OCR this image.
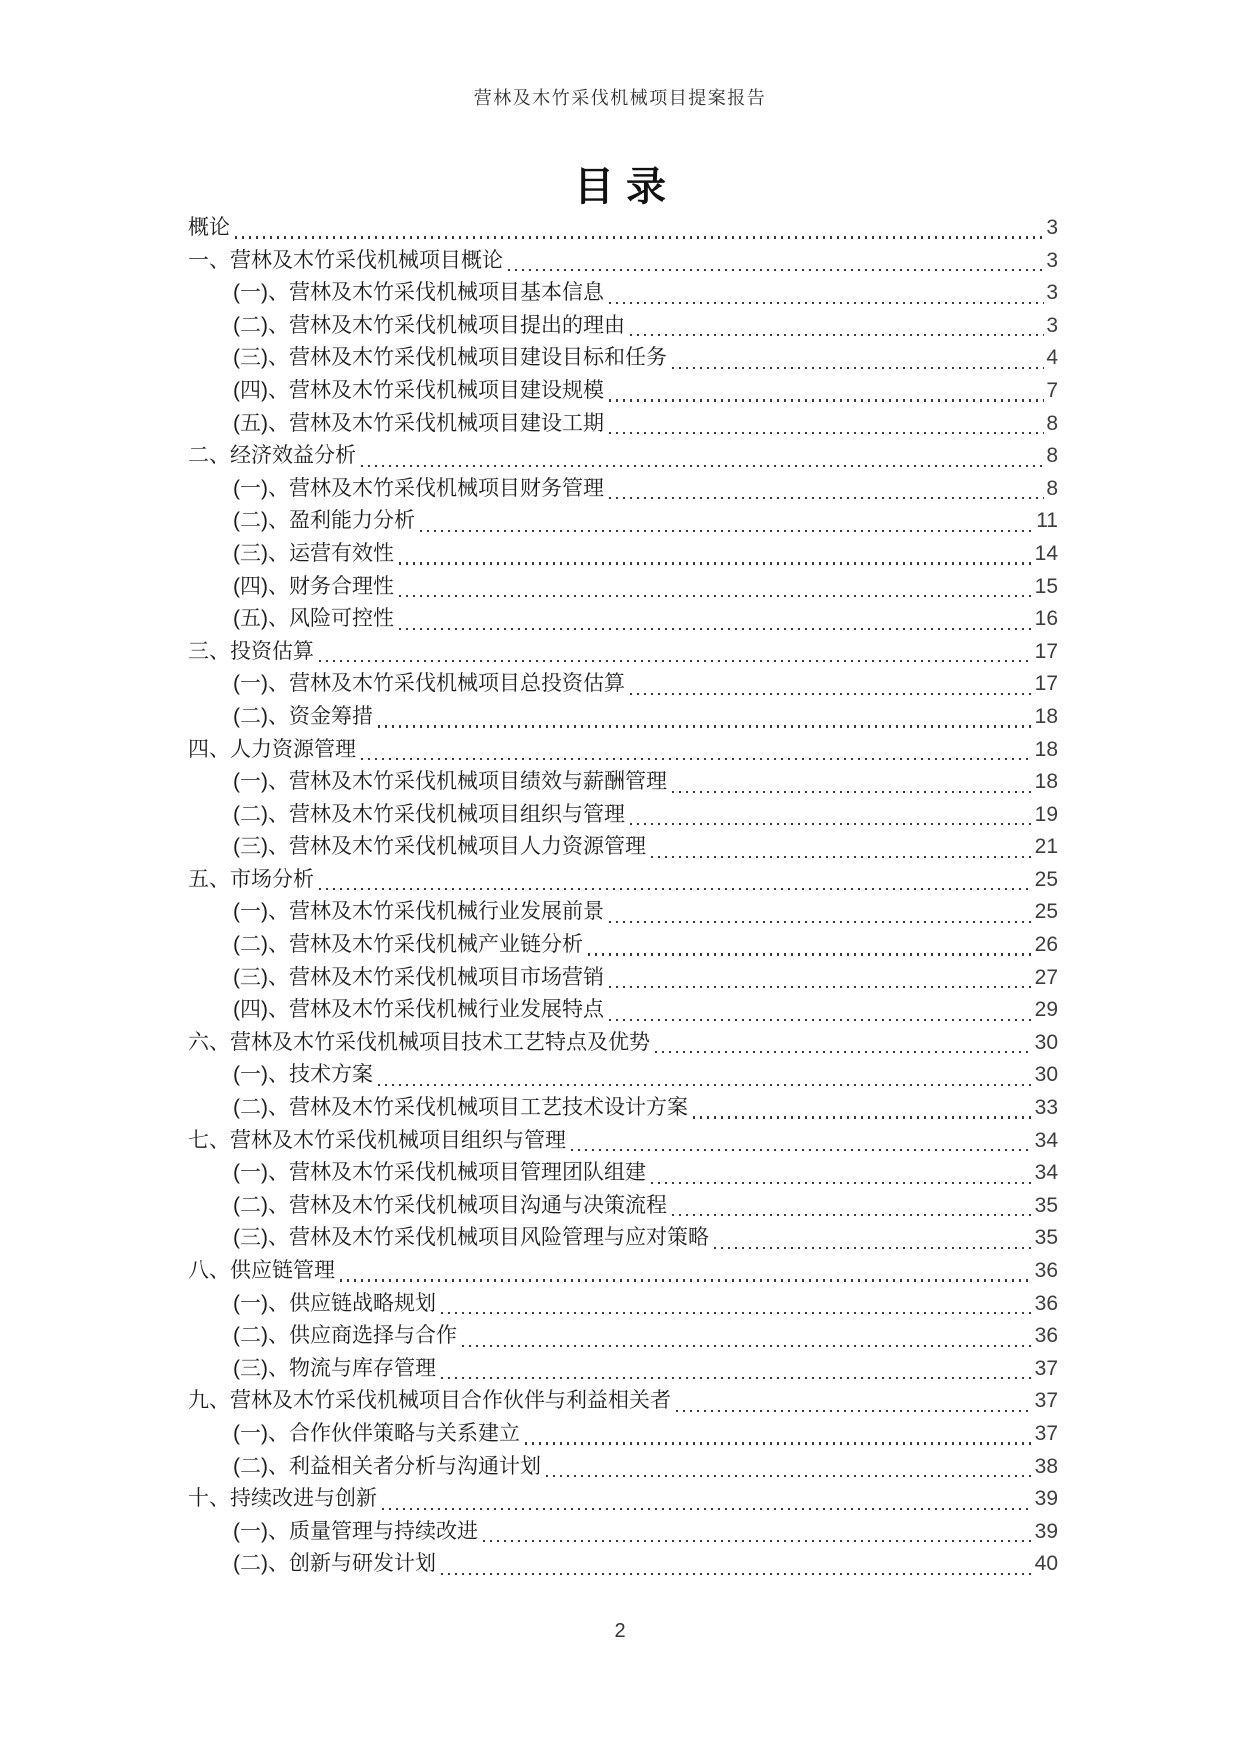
营林及木竹采伐机械项目提案报告
目录
概论	3
一、营林及木竹采伐机械项目概论	3
(一)、营林及木竹采伐机械项目基本信息	3
(二)、营林及木竹采伐机械项目提出的理由	3
(三)、营林及木竹采伐机械项目建设目标和任务	4
(四)、营林及木竹采伐机械项目建设规模	7
(五)、营林及木竹采伐机械项目建设工期	8
二、经济效益分析	8
(一)、营林及木竹采伐机械项目财务管理	8
(二)、盈利能力分析	11
(三)、运营有效性	14
(四)、财务合理性	15
(五)、风险可控性	16
三、投资估算	17
(一)、营林及木竹采伐机械项目总投资估算	17
(二)、资金筹措	18
四、人力资源管理	18
(一)、营林及木竹采伐机械项目绩效与薪酬管理	18
(二)、营林及木竹采伐机械项目组织与管理	19
(三)、营林及木竹采伐机械项目人力资源管理	21
五、市场分析	25
(一)、营林及木竹采伐机械行业发展前景	25
(二)、营林及木竹采伐机械产业链分析	26
(三)、营林及木竹采伐机械项目市场营销	27
(四)、营林及木竹采伐机械行业发展特点	29
六、营林及木竹采伐机械项目技术工艺特点及优势	30
(一)、技术方案	30
(二)、营林及木竹采伐机械项目工艺技术设计方案	33
七、营林及木竹采伐机械项目组织与管理	34
(一)、营林及木竹采伐机械项目管理团队组建	34
(二)、营林及木竹采伐机械项目沟通与决策流程	35
(三)、营林及木竹采伐机械项目风险管理与应对策略	35
八、供应链管理	36
(一)、供应链战略规划	36
(二)、供应商选择与合作	36
(三)、物流与库存管理	37
九、营林及木竹采伐机械项目合作伙伴与利益相关者	37
(一)、合作伙伴策略与关系建立	37
(二)、利益相关者分析与沟通计划	38
十、持续改进与创新	39
(一)、质量管理与持续改进	39
(二)、创新与研发计划	40
2
